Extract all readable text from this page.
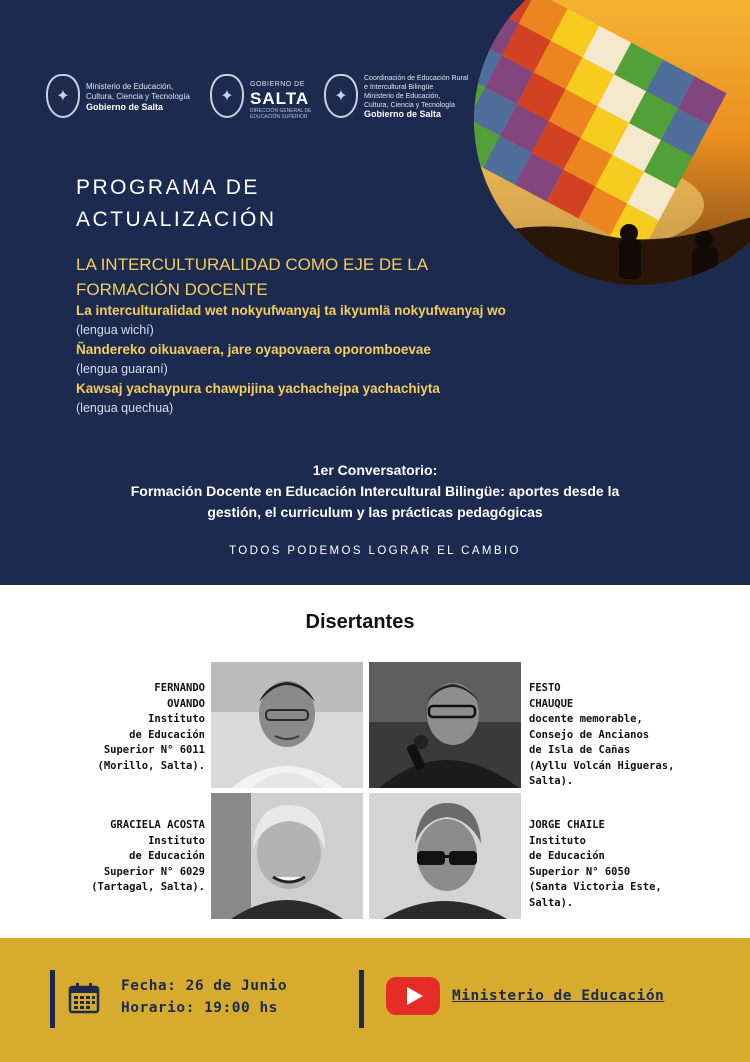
✦
Ministerio de Educación,
Cultura, Ciencia y Tecnología
Gobierno de Salta
✦
GOBIERNO DE
SALTA
DIRECCIÓN GENERAL DE
EDUCACIÓN SUPERIOR
✦
Coordinación de Educación Rural
e Intercultural Bilingüe
Ministerio de Educación,
Cultura, Ciencia y Tecnología
Gobierno de Salta
PROGRAMA DE
ACTUALIZACIÓN
LA INTERCULTURALIDAD COMO EJE DE LA
FORMACIÓN DOCENTE
La interculturalidad wet nokyufwanyaj ta ikyumlä nokyufwanyaj wo
(lengua wichí)
Ñandereko oikuavaera, jare oyapovaera oporomboevae
(lengua guaraní)
Kawsaj yachaypura chawpijina yachachejpa yachachiyta
(lengua quechua)
1er Conversatorio:
Formación Docente en Educación Intercultural Bilingüe: aportes desde la
gestión, el curriculum y las prácticas pedagógicas
TODOS PODEMOS LOGRAR EL CAMBIO
Disertantes
FERNANDO
OVANDO
Instituto
de Educación
Superior N° 6011
(Morillo, Salta).
FESTO
CHAUQUE
docente memorable,
Consejo de Ancianos
de Isla de Cañas
(Ayllu Volcán Higueras,
Salta).
GRACIELA ACOSTA
Instituto
de Educación
Superior N° 6029
(Tartagal, Salta).
JORGE CHAILE
Instituto
de Educación
Superior N° 6050
(Santa Victoria Este,
Salta).
Fecha: 26 de Junio
Horario: 19:00 hs
Ministerio de Educación
